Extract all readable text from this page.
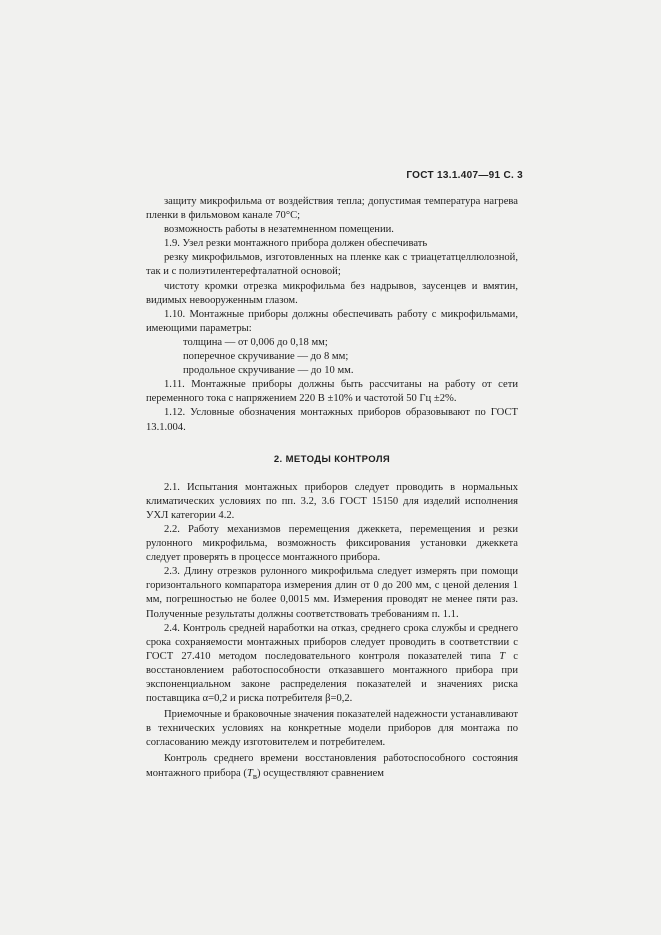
ГОСТ 13.1.407—91 С. 3

защиту микрофильма от воздействия тепла; допустимая температура нагрева пленки в фильмовом канале 70°С;

возможность работы в незатемненном помещении.

1.9. Узел резки монтажного прибора должен обеспечивать

резку микрофильмов, изготовленных на пленке как с триацетатцеллюлозной, так и с полиэтилентерефталатной основой;

чистоту кромки отрезка микрофильма без надрывов, заусенцев и вмятин, видимых невооруженным глазом.

1.10. Монтажные приборы должны обеспечивать работу с микрофильмами, имеющими параметры:

толщина — от 0,006 до 0,18 мм;

поперечное скручивание — до 8 мм;

продольное скручивание — до 10 мм.

1.11. Монтажные приборы должны быть рассчитаны на работу от сети переменного тока с напряжением 220 В ±10% и частотой 50 Гц ±2%.

1.12. Условные обозначения монтажных приборов образовывают по ГОСТ 13.1.004.

2. МЕТОДЫ КОНТРОЛЯ

2.1. Испытания монтажных приборов следует проводить в нормальных климатических условиях по пп. 3.2, 3.6 ГОСТ 15150 для изделий исполнения УХЛ категории 4.2.

2.2. Работу механизмов перемещения джеккета, перемещения и резки рулонного микрофильма, возможность фиксирования установки джеккета следует проверять в процессе монтажного прибора.

2.3. Длину отрезков рулонного микрофильма следует измерять при помощи горизонтального компаратора измерения длин от 0 до 200 мм, с ценой деления 1 мм, погрешностью не более 0,0015 мм. Измерения проводят не менее пяти раз. Полученные результаты должны соответствовать требованиям п. 1.1.

2.4. Контроль средней наработки на отказ, среднего срока службы и среднего срока сохраняемости монтажных приборов следует проводить в соответствии с ГОСТ 27.410 методом последовательного контроля показателей типа Т с восстановлением работоспособности отказавшего монтажного прибора при экспоненциальном законе распределения показателей и значениях риска поставщика α=0,2 и риска потребителя β=0,2.

Приемочные и браковочные значения показателей надежности устанавливают в технических условиях на конкретные модели приборов для монтажа по согласованию между изготовителем и потребителем.

Контроль среднего времени восстановления работоспособного состояния монтажного прибора $(Т_в)$ осуществляют сравнением
